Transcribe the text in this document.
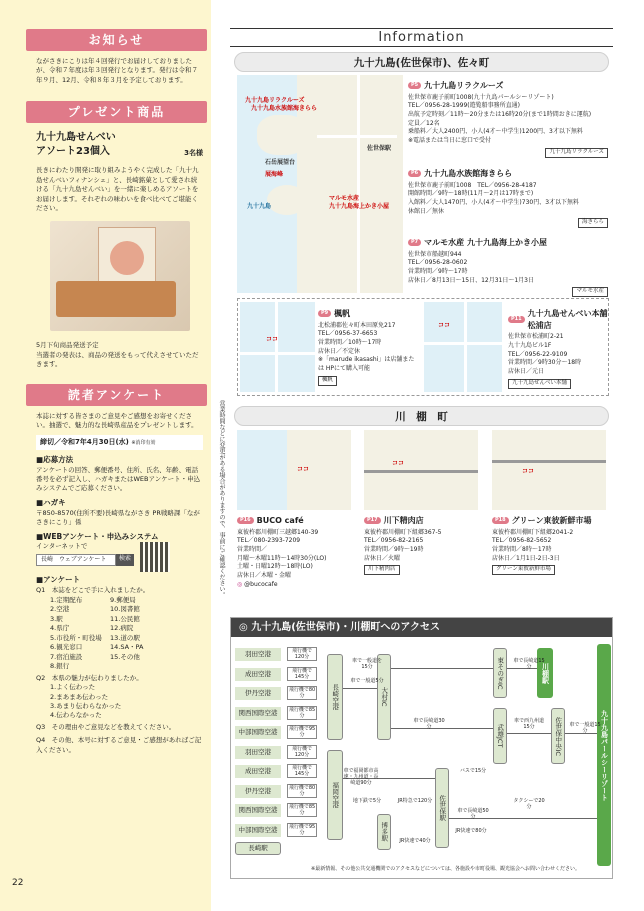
お知らせ
ながさきにこりは年４回発行でお届けしておりましたが、令和７年度は年３回発行となります。発行は令和７年９月、12月、令和８年３月を予定しております。
プレゼント商品
九十九島せんべい
アソート23個入	3名様
長きにわたり開発に取り組みようやく完成した「九十九島せんべいフィナンシェ」と、長崎銘菓として愛され続ける「九十九島せんべい」を一緒に楽しめるアソートをお届けします。それぞれの味わいを食べ比べてご堪能ください。
5月下旬商品発送予定
当選者の発表は、商品の発送をもって代えさせていただきます。
読者アンケート
本誌に対する皆さまのご意見やご感想をお寄せください。抽選で、魅力的な長崎県産品をプレゼントします。
締切／令和7年4月30日(水) ※消印有効
■応募方法
アンケートの回答、郵便番号、住所、氏名、年齢、電話番号を必ず記入し、ハガキまたはWEBアンケート・申込みシステムでご応募ください。
■ハガキ
〒850-8570(住所不要)長崎県ながさき PR戦略課「ながさきにこり」係
■WEBアンケート・申込みシステム
インターネットで
長崎　ウェブアンケート	検索
■アンケート
Q1　本誌をどこで手に入れましたか。
1.定期配布
2.空港
3.駅
4.県庁
5.市役所・町役場
6.観光窓口
7.宿泊施設
8.銀行
9.郵便局
10.図書館
11.公民館
12.病院
13.道の駅
14.SA・PA
15.その他
Q2　本県の魅力が伝わりましたか。
1.よく伝わった
2.まあまあ伝わった
3.あまり伝わらなかった
4.伝わらなかった
Q3　その理由やご意見などを教えてください。
Q4　その他、本号に対するご意見・ご感想があればご記入ください。
22
Information
九十九島(佐世保市)、佐々町
九十九島リラクルーズ
九十九島水族館海きらら
マルモ水産
九十九島海上かき小屋
佐世保駅
石岳展望台
展海峰
九十九島
P5 九十九島リラクルーズ
佐世保市鹿子前町1008(九十九島パールシーリゾート)
TEL／0956-28-1999(遊覧船事務所直通)
出航予定時刻／11時〜20分または16時20分(まで1時間おきに運航)
定員／12名
乗船料／大人2400円、小人(4才〜中学生)1200円、3才以下無料
※電話または当日に窓口で受付
九十九島リラクルーズ
P6 九十九島水族館海きらら
佐世保市鹿子前町1008　TEL／0956-28-4187
開館時間／9時〜18時(11月〜2月は17時まで)
入館料／大人1470円、小人(4才〜中学生)730円、3才以下無料
休館日／無休
海きらら
P7 マルモ水産 九十九島海上かき小屋
佐世保市船越町944
TEL／0956-28-0602
営業時間／9時〜17時
店休日／8月13日〜15日、12月31日〜1月3日
マルモ水産
ココ
P9 楓帆
北松浦郡佐々町本田原免217
TEL／0956-37-6653
営業時間／10時〜17時
店休日／不定休
※「marude ikasashi」は店舗または HPにて購入可能
楓帆
ココ
P11
九十九島せんべい本舗 松浦店
佐世保市松浦町2-21
九十九島ビル1F
TEL／0956-22-9109
営業時間／9時30分〜18時
店休日／元日
九十九島せんべい本舗
営業時間などに変更がある場合がありますので、事前にご確認ください。	川　棚　町
ココ
ココ
ココ
P16 BUCO café
東彼杵郡川棚町三越郷140-39
TEL／080-2393-7209
営業時間／
月曜〜木曜11時〜14時30分(LO)
土曜・日曜12時〜18時(LO)
店休日／木曜・金曜
◎ @bucocafe
P17 川下精肉店
東彼杵郡川棚町下組郷367-5
TEL／0956-82-2165
営業時間／9時〜19時
店休日／火曜
川下精肉店
P18 グリーン東彼新鮮市場
東彼杵郡川棚町下組郷2041-2
TEL／0956-82-5652
営業時間／8時〜17時
店休日／1月1日-2日-3日
グリーン東彼新鮮市場
◎ 九十九島(佐世保市)・川棚町へのアクセス
羽田空港	飛行機で120分
成田空港	飛行機で145分
伊丹空港	飛行機で80分
関西国際空港	飛行機で85分
中部国際空港	飛行機で95分
羽田空港	飛行機で120分
成田空港	飛行機で145分
伊丹空港	飛行機で80分
関西国際空港	飛行機で85分
中部国際空港	飛行機で95分
長崎空港
福岡空港
大村IC
博多駅
佐世保駅
東そのぎIC
武雄JCT	佐世保中央IC
川棚駅
九十九島パールシーリゾート
長崎駅
車で一般道を15分
車で長崎道30分
車で長崎道15分
車で一般道5分
車で福岡都市高速・九州道・長崎道90分
地下鉄で5分	JR特急で120分
JR快速で80分
JR快速で40分
車で西九州道15分	車で一般道15分
バスで15分
車で長崎道50分
タクシーで20分
※最新情報、その他公共交通機関でのアクセスなどについては、各施設や市町役場、観光協会へお問い合わせください。
